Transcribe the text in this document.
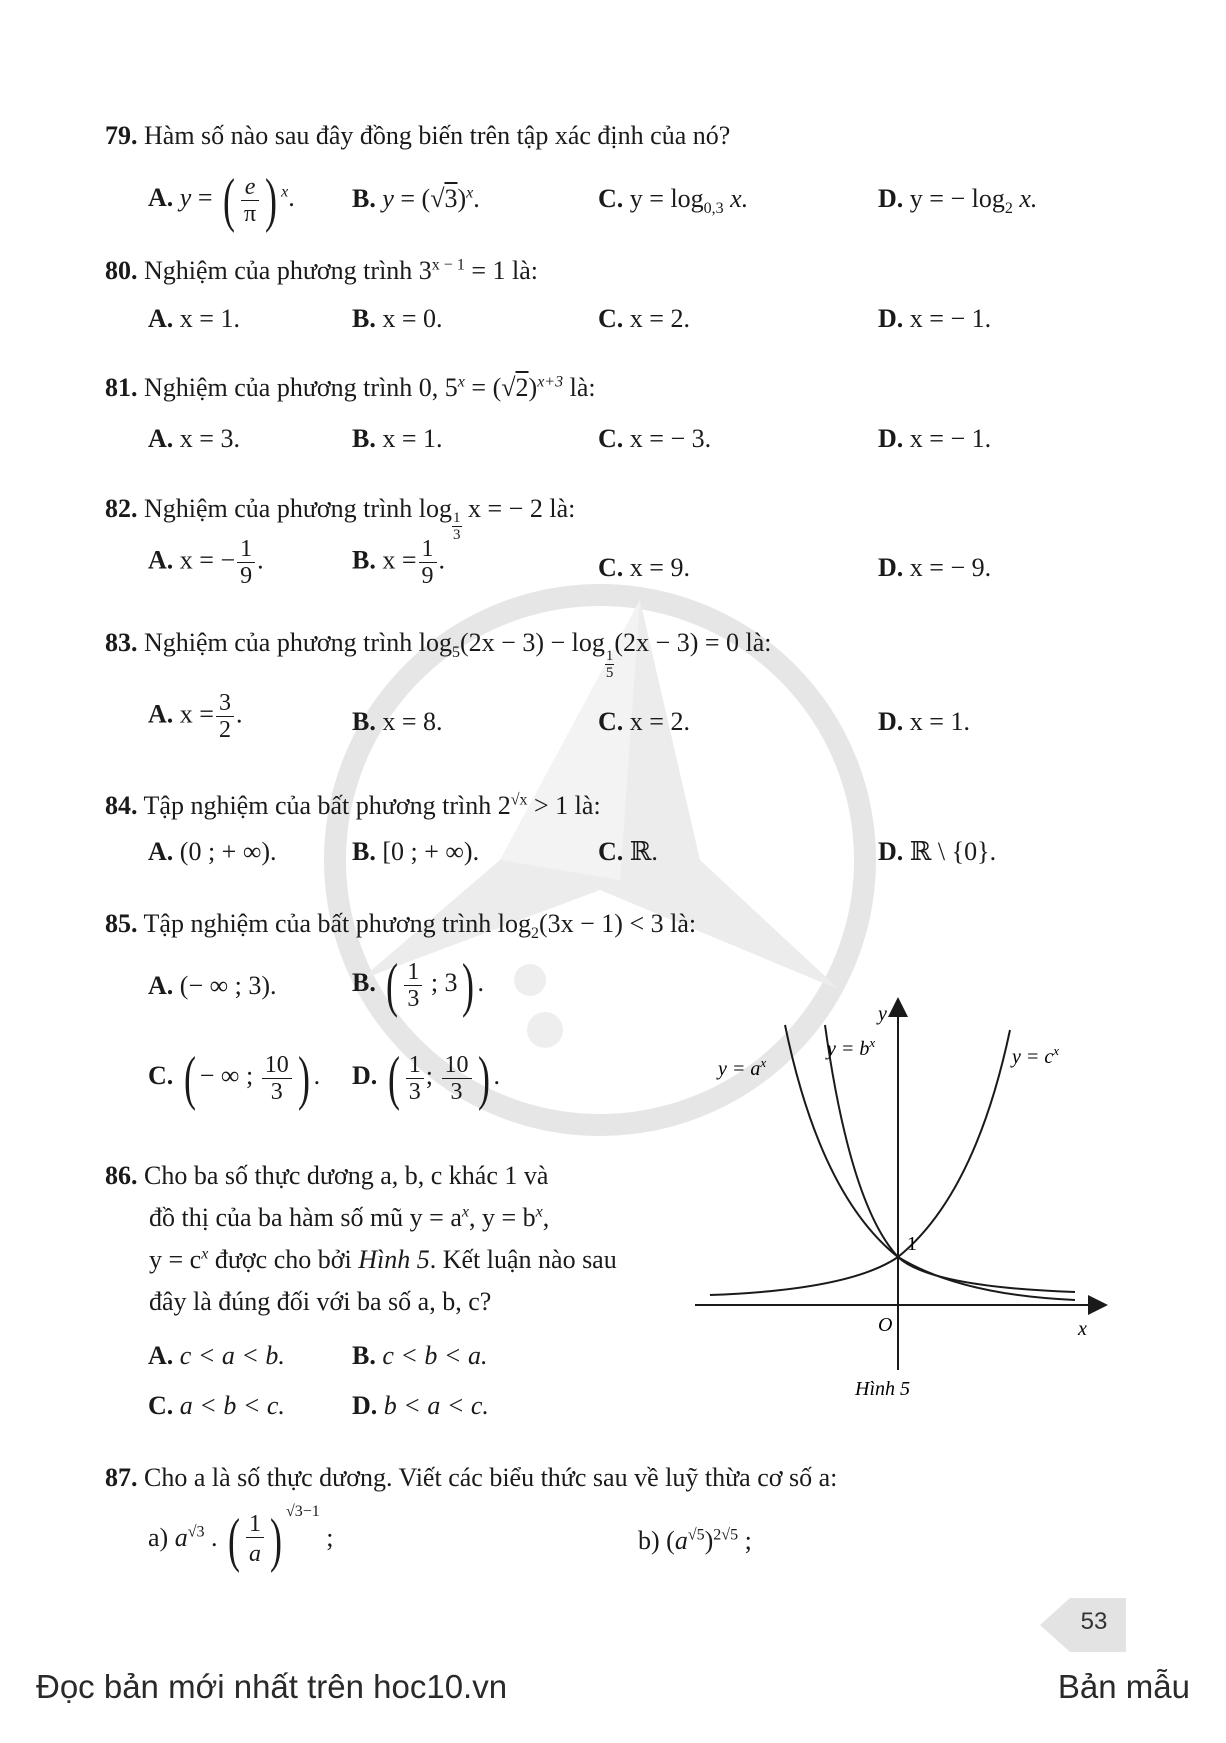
79. Hàm số nào sau đây đồng biến trên tập xác định của nó?
A. y = ( $\frac{e}{\pi}$ ) $^x$. B. $y = (√3)^x$.	C. $y = \log_{0,3} x$.	D. y = − $\log_2 x$.
80. Nghiệm của phương trình $3^{x - 1} = 1$ là:
A. x = 1.	B. x = 0.	C. x = 2.	D. x = − 1.
81. Nghiệm của phương trình 0, $5^x = (√2)^{x+3}$ là:
A. x = 3.	B. x = 1.	C. x = − 3.	D. x = − 1.
82. Nghiệm của phương trình log
$\frac{1}{3}$
x = − 2 là:
A. x = − $\frac{1}{9}$ .	B. $x = \frac{1}{9}$ .	C. x = 9.	D. x = − 9.
83. Nghiệm của phương trình $\log_5(2x - 3) - \log$
$\frac{1}{5}$
(2x − 3) = 0 là:
A. $x = \frac{3}{2}$ .	B. x = 8.	C. x = 2.	D. x = 1.
84. Tập nghiệm của bất phương trình $2^{√x} > 1$ là:
A. (0 ; + ∞).	B. [0 ; + ∞).	C. ℝ.	D. ℝ \ {0}.
85. Tập nghiệm của bất phương trình $\log_2(3x - 1) < 3$ là:
A. (− ∞ ; 3).	B. ( $\frac{1}{3}$ ; 3) .
C. ( − ∞ ; $\frac{10}{3}$ ) . D. ( $\frac{1}{3}$ ; $\frac{10}{3}$ ) .
86. Cho ba số thực dương a, b, c khác 1 và
đồ thị của ba hàm số mũ $y = a^x$, $y = b^x$,
$y = c^x$ được cho bởi Hình 5. Kết luận nào sau
đây là đúng đối với ba số a, b, c?
A. c < a < b.	B. c < b < a.
C. a < b < c.	D. b < a < c.
y
x
O
1
$y = a^x$
$y = b^x$
$y = c^x$
Hình 5
87. Cho a là số thực dương. Viết các biểu thức sau về luỹ thừa cơ số a:
a) $a^{√3}$ . ( $\frac{1}{a}$) $^{√3-1}$ ;	b) $(a^{√5})^{2√5}$ ;
53
Đọc bản mới nhất trên hoc10.vn	Bản mẫu
